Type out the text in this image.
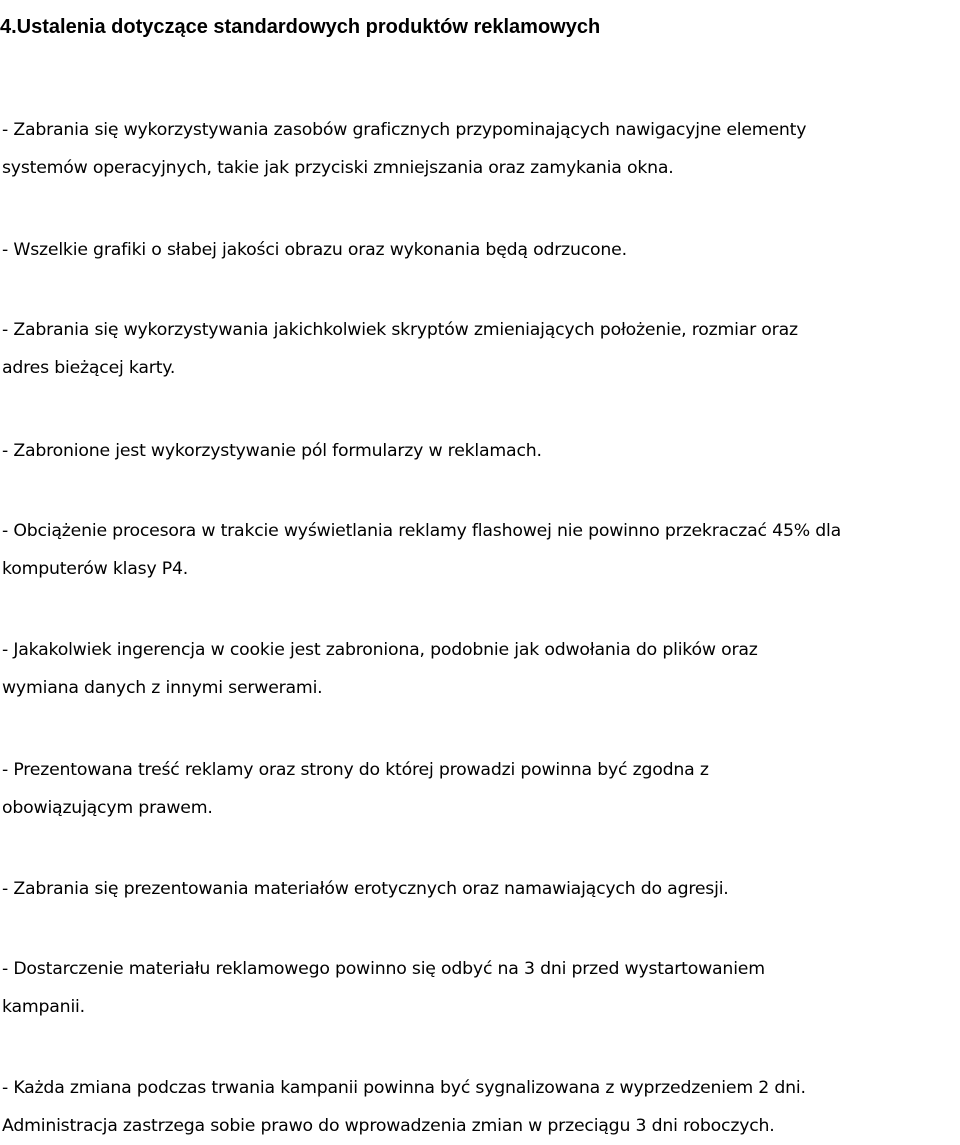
4.Ustalenia dotyczące standardowych produktów reklamowych
- Zabrania się wykorzystywania zasobów graficznych przypominających nawigacyjne elementy
systemów operacyjnych, takie jak przyciski zmniejszania oraz zamykania okna.
- Wszelkie grafiki o słabej jakości obrazu oraz wykonania będą odrzucone.
- Zabrania się wykorzystywania jakichkolwiek skryptów zmieniających położenie, rozmiar oraz
adres bieżącej karty.
- Zabronione jest wykorzystywanie pól formularzy w reklamach.
- Obciążenie procesora w trakcie wyświetlania reklamy flashowej nie powinno przekraczać 45% dla
komputerów klasy P4.
- Jakakolwiek ingerencja w cookie jest zabroniona, podobnie jak odwołania do plików oraz
wymiana danych z innymi serwerami.
- Prezentowana treść reklamy oraz strony do której prowadzi powinna być zgodna z
obowiązującym prawem.
- Zabrania się prezentowania materiałów erotycznych oraz namawiających do agresji.
- Dostarczenie materiału reklamowego powinno się odbyć na 3 dni przed wystartowaniem
kampanii.
- Każda zmiana podczas trwania kampanii powinna być sygnalizowana z wyprzedzeniem 2 dni.
Administracja zastrzega sobie prawo do wprowadzenia zmian w przeciągu 3 dni roboczych.
